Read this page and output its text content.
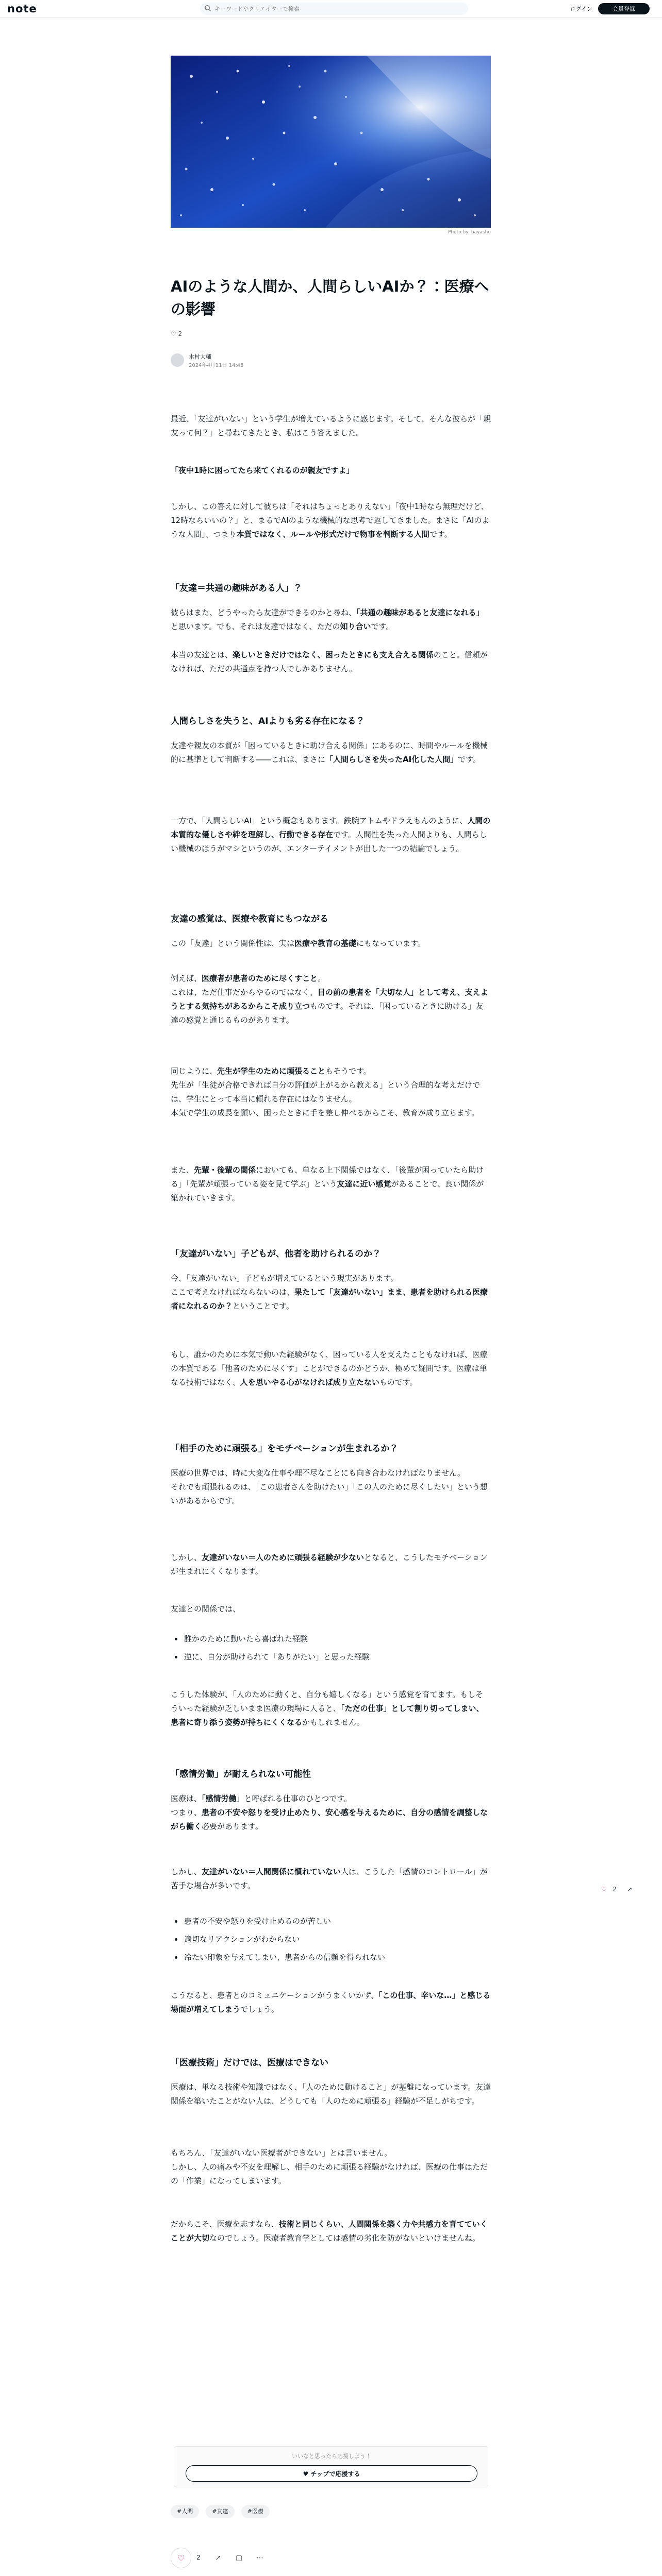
note
キーワードやクリエイターで検索	ログイン	会員登録
Photo by: bayashu
AIのような人間か、人間らしいAIか？：医療への影響
♡ 2
木村大輔
2024年4月11日 14:45

最近、「友達がいない」という学生が増えているように感じます。そして、そんな彼らが「親友って何？」と尋ねてきたとき、私はこう答えました。

「夜中1時に困ってたら来てくれるのが親友ですよ」

しかし、この答えに対して彼らは「それはちょっとありえない」「夜中1時なら無理だけど、12時ならいいの？」と、まるでAIのような機械的な思考で返してきました。まさに「AIのような人間」、つまり本質ではなく、ルールや形式だけで物事を判断する人間です。

「友達＝共通の趣味がある人」？

彼らはまた、どうやったら友達ができるのかと尋ね、「共通の趣味があると友達になれる」と思います。でも、それは友達ではなく、ただの知り合いです。

本当の友達とは、楽しいときだけではなく、困ったときにも支え合える関係のこと。信頼がなければ、ただの共通点を持つ人でしかありません。

人間らしさを失うと、AIよりも劣る存在になる？

友達や親友の本質が「困っているときに助け合える関係」にあるのに、時間やルールを機械的に基準として判断する――これは、まさに「人間らしさを失ったAI化した人間」です。

一方で、「人間らしいAI」という概念もあります。鉄腕アトムやドラえもんのように、人間の本質的な優しさや絆を理解し、行動できる存在です。人間性を失った人間よりも、人間らしい機械のほうがマシというのが、エンターテイメントが出した一つの結論でしょう。

友達の感覚は、医療や教育にもつながる

この「友達」という関係性は、実は医療や教育の基礎にもなっています。

例えば、医療者が患者のために尽くすこと。
これは、ただ仕事だからやるのではなく、目の前の患者を「大切な人」として考え、支えようとする気持ちがあるからこそ成り立つものです。それは、「困っているときに助ける」友達の感覚と通じるものがあります。

同じように、先生が学生のために頑張ることもそうです。
先生が「生徒が合格できれば自分の評価が上がるから教える」という合理的な考えだけでは、学生にとって本当に頼れる存在にはなりません。
本気で学生の成長を願い、困ったときに手を差し伸べるからこそ、教育が成り立ちます。

また、先輩・後輩の関係においても、単なる上下関係ではなく、「後輩が困っていたら助ける」「先輩が頑張っている姿を見て学ぶ」という友達に近い感覚があることで、良い関係が築かれていきます。

「友達がいない」子どもが、他者を助けられるのか？

今、「友達がいない」子どもが増えているという現実があります。
ここで考えなければならないのは、果たして「友達がいない」まま、患者を助けられる医療者になれるのか？ということです。

もし、誰かのために本気で動いた経験がなく、困っている人を支えたこともなければ、医療の本質である「他者のために尽くす」ことができるのかどうか、極めて疑問です。医療は単なる技術ではなく、人を思いやる心がなければ成り立たないものです。

「相手のために頑張る」をモチベーションが生まれるか？

医療の世界では、時に大変な仕事や理不尽なことにも向き合わなければなりません。
それでも頑張れるのは、「この患者さんを助けたい」「この人のために尽くしたい」という想いがあるからです。

しかし、友達がいない＝人のために頑張る経験が少ないとなると、こうしたモチベーションが生まれにくくなります。

友達との関係では、

誰かのために動いたら喜ばれた経験
逆に、自分が助けられて「ありがたい」と思った経験

こうした体験が、「人のために動くと、自分も嬉しくなる」という感覚を育てます。もしそういった経験が乏しいまま医療の現場に入ると、「ただの仕事」として割り切ってしまい、患者に寄り添う姿勢が持ちにくくなるかもしれません。

「感情労働」が耐えられない可能性

医療は、「感情労働」と呼ばれる仕事のひとつです。
つまり、患者の不安や怒りを受け止めたり、安心感を与えるために、自分の感情を調整しながら働く必要があります。

しかし、友達がいない＝人間関係に慣れていない人は、こうした「感情のコントロール」が苦手な場合が多いです。

患者の不安や怒りを受け止めるのが苦しい
適切なリアクションがわからない
冷たい印象を与えてしまい、患者からの信頼を得られない

こうなると、患者とのコミュニケーションがうまくいかず、「この仕事、辛いな…」と感じる場面が増えてしまうでしょう。

「医療技術」だけでは、医療はできない

医療は、単なる技術や知識ではなく、「人のために動けること」が基盤になっています。友達関係を築いたことがない人は、どうしても「人のために頑張る」経験が不足しがちです。

もちろん、「友達がいない医療者ができない」とは言いません。
しかし、人の痛みや不安を理解し、相手のために頑張る経験がなければ、医療の仕事はただの「作業」になってしまいます。

だからこそ、医療を志すなら、技術と同じくらい、人間関係を築く力や共感力を育てていくことが大切なのでしょう。医療者教育学としては感情の劣化を防がないといけませんね。

♡ 2 ↗
いいなと思ったら応援しよう！
♥ チップで応援する
#人間	#友達	#医療
♡ 2 ↗ ▢ ⋯
